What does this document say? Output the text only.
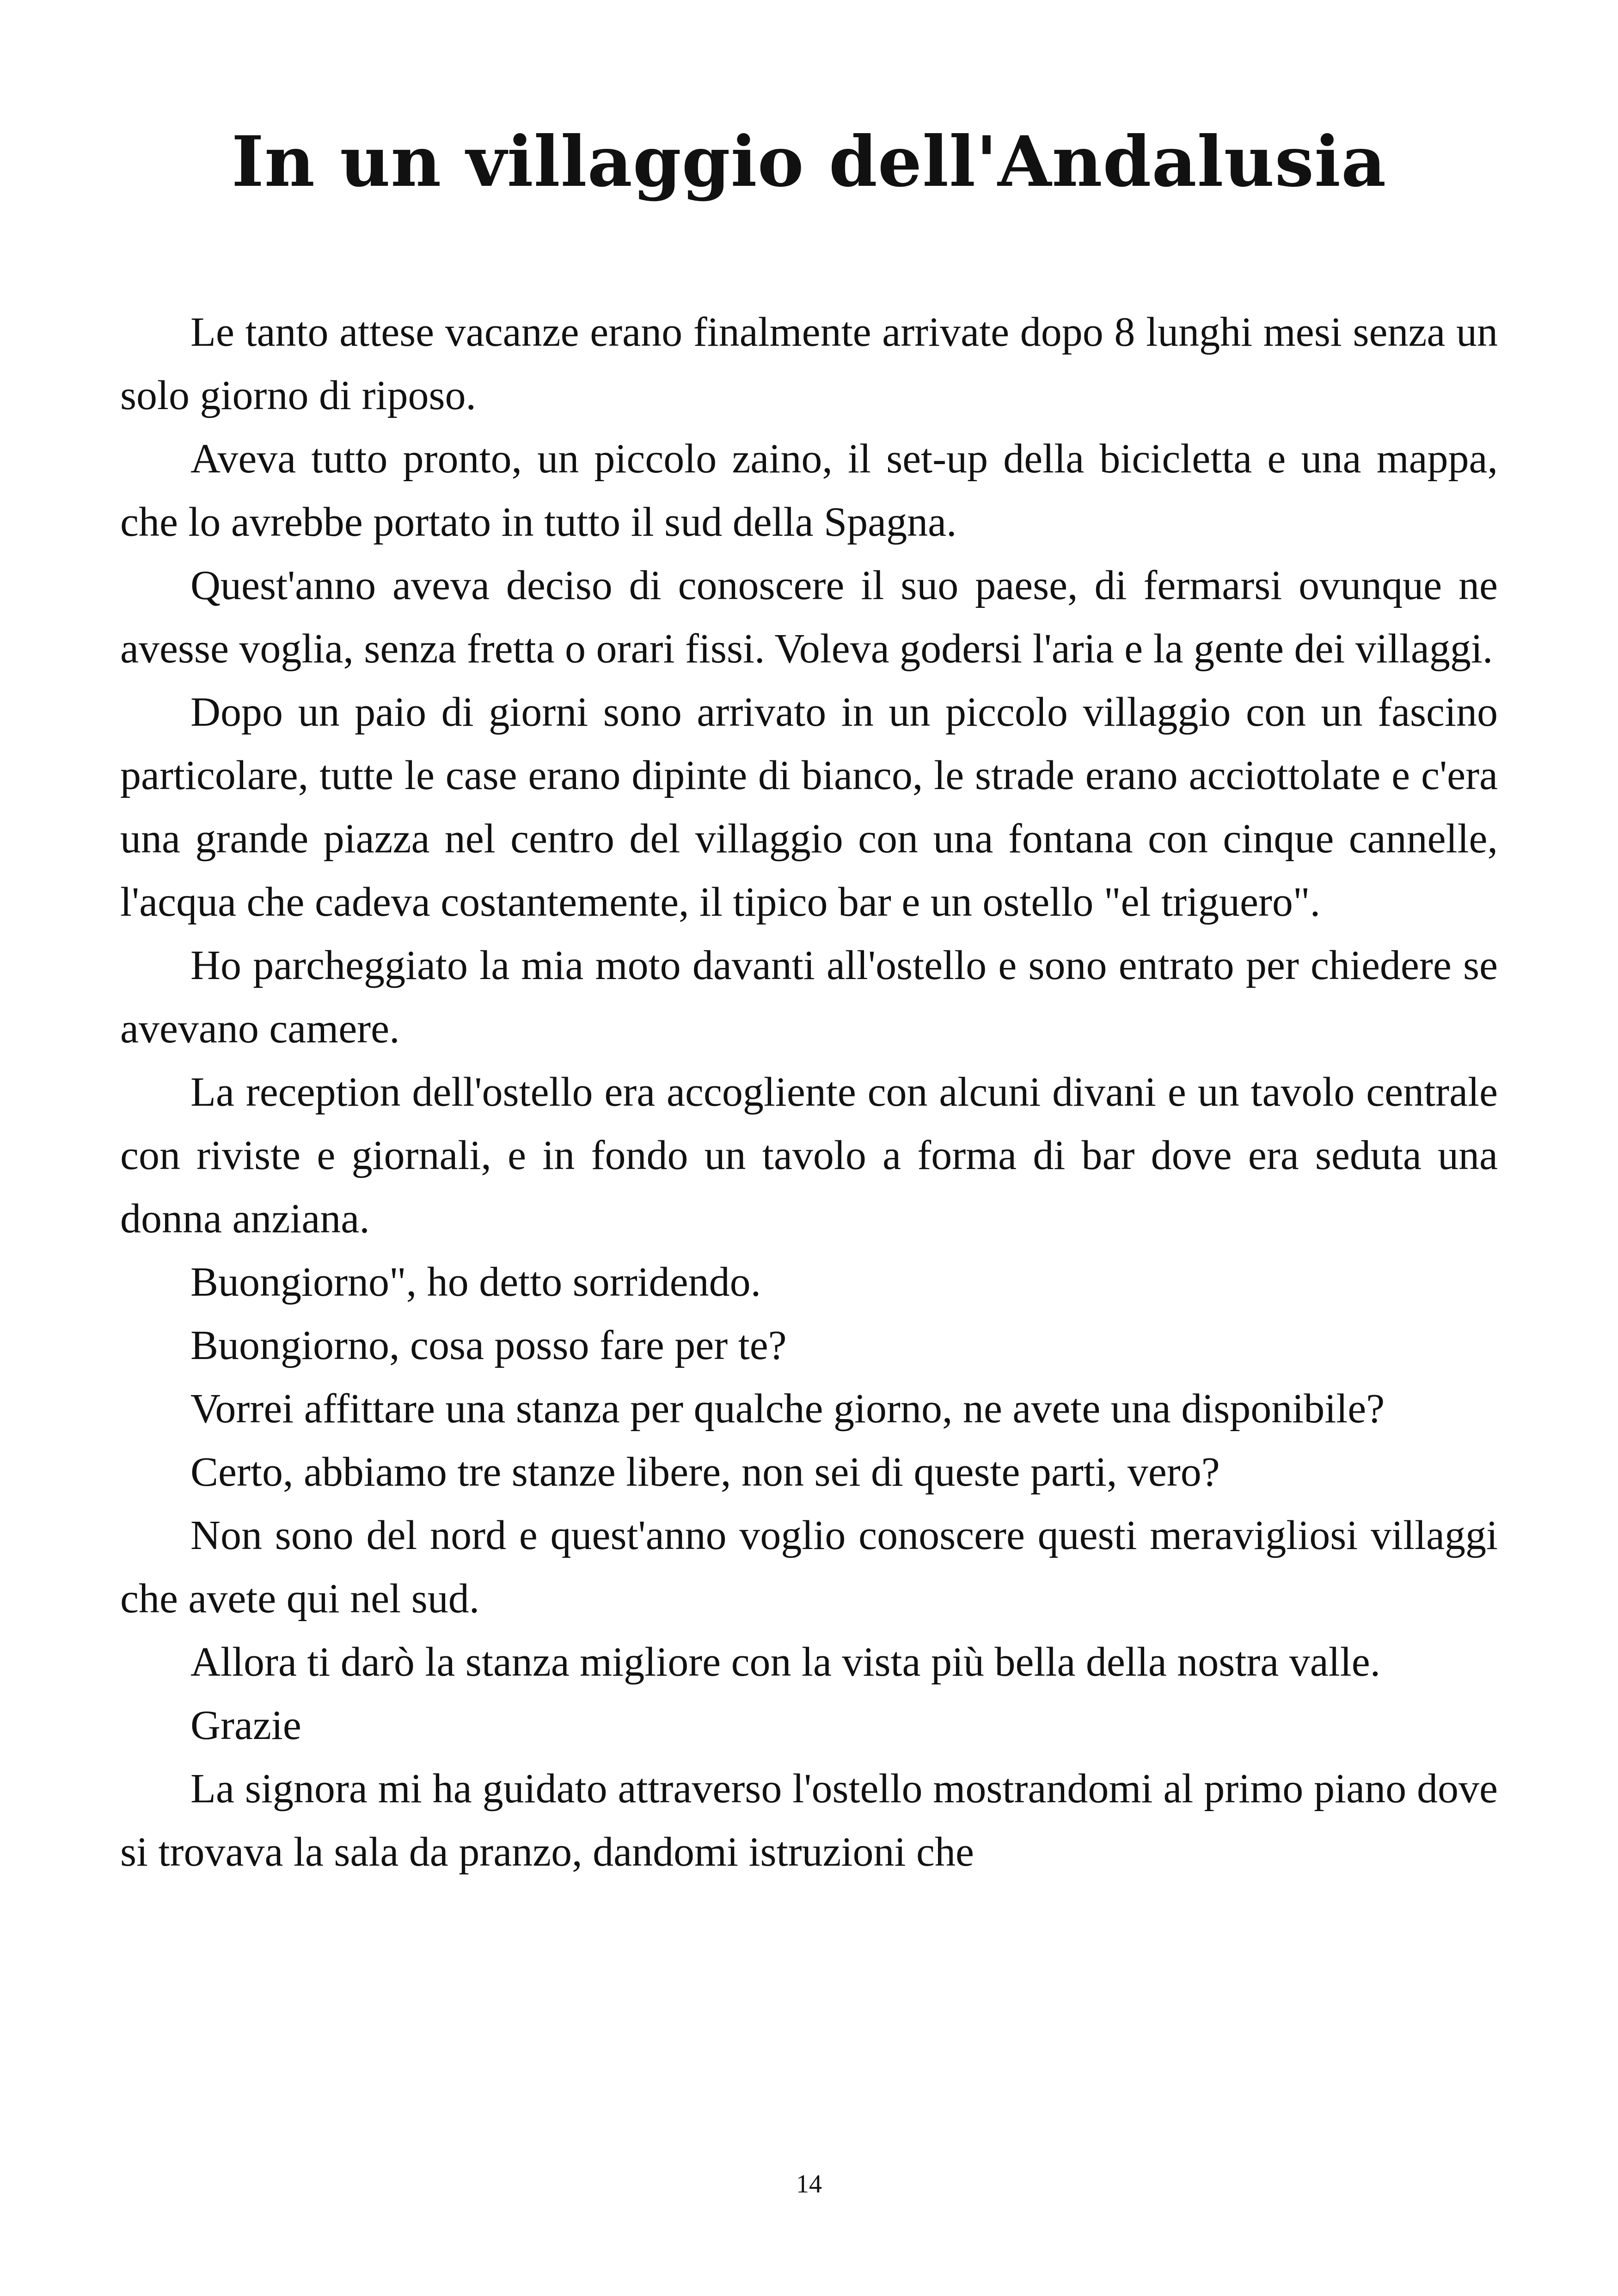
In un villaggio dell'Andalusia

Le tanto attese vacanze erano finalmente arrivate dopo 8 lunghi mesi senza un solo giorno di riposo.

Aveva tutto pronto, un piccolo zaino, il set-up della bicicletta e una mappa, che lo avrebbe portato in tutto il sud della Spagna.

Quest'anno aveva deciso di conoscere il suo paese, di fermarsi ovunque ne avesse voglia, senza fretta o orari fissi. Voleva godersi l'aria e la gente dei villaggi.

Dopo un paio di giorni sono arrivato in un piccolo villaggio con un fascino particolare, tutte le case erano dipinte di bianco, le strade erano acciottolate e c'era una grande piazza nel centro del villaggio con una fontana con cinque cannelle, l'acqua che cadeva costantemente, il tipico bar e un ostello "el triguero".

Ho parcheggiato la mia moto davanti all'ostello e sono entrato per chiedere se avevano camere.

La reception dell'ostello era accogliente con alcuni divani e un tavolo centrale con riviste e giornali, e in fondo un tavolo a forma di bar dove era seduta una donna anziana.

Buongiorno", ho detto sorridendo.

Buongiorno, cosa posso fare per te?

Vorrei affittare una stanza per qualche giorno, ne avete una disponibile?

Certo, abbiamo tre stanze libere, non sei di queste parti, vero?

Non sono del nord e quest'anno voglio conoscere questi meravigliosi villaggi che avete qui nel sud.

Allora ti darò la stanza migliore con la vista più bella della nostra valle.

Grazie

La signora mi ha guidato attraverso l'ostello mostrandomi al primo piano dove si trovava la sala da pranzo, dandomi istruzioni che

14
